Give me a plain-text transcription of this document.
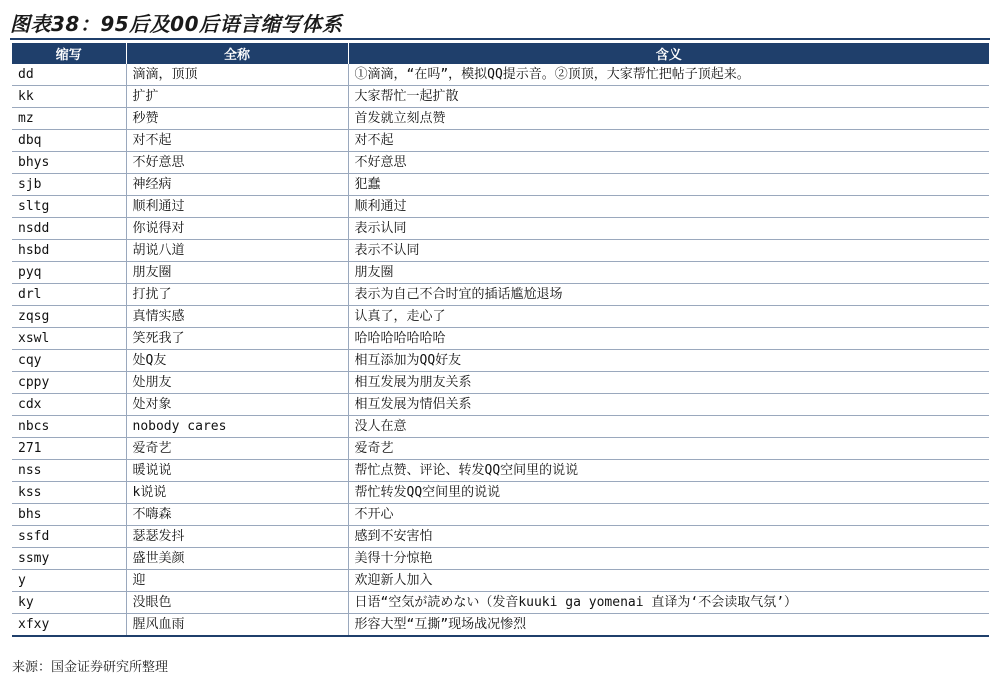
图表38：95后及00后语言缩写体系
缩写	全称	含义
dd	滴滴，顶顶	①滴滴，“在吗”，模拟QQ提示音。②顶顶，大家帮忙把帖子顶起来。
kk	扩扩	大家帮忙一起扩散
mz	秒赞	首发就立刻点赞
dbq	对不起	对不起
bhys	不好意思	不好意思
sjb	神经病	犯蠢
sltg	顺利通过	顺利通过
nsdd	你说得对	表示认同
hsbd	胡说八道	表示不认同
pyq	朋友圈	朋友圈
drl	打扰了	表示为自己不合时宜的插话尴尬退场
zqsg	真情实感	认真了，走心了
xswl	笑死我了	哈哈哈哈哈哈哈
cqy	处Q友	相互添加为QQ好友
cppy	处朋友	相互发展为朋友关系
cdx	处对象	相互发展为情侣关系
nbcs	nobody cares	没人在意
271	爱奇艺	爱奇艺
nss	暖说说	帮忙点赞、评论、转发QQ空间里的说说
kss	k说说	帮忙转发QQ空间里的说说
bhs	不嗨森	不开心
ssfd	瑟瑟发抖	感到不安害怕
ssmy	盛世美颜	美得十分惊艳
y	迎	欢迎新人加入
ky	没眼色	日语“空気が読めない（发音kuuki ga yomenai 直译为‘不会读取气氛’）
xfxy	腥风血雨	形容大型“互撕”现场战况惨烈
来源：国金证券研究所整理
